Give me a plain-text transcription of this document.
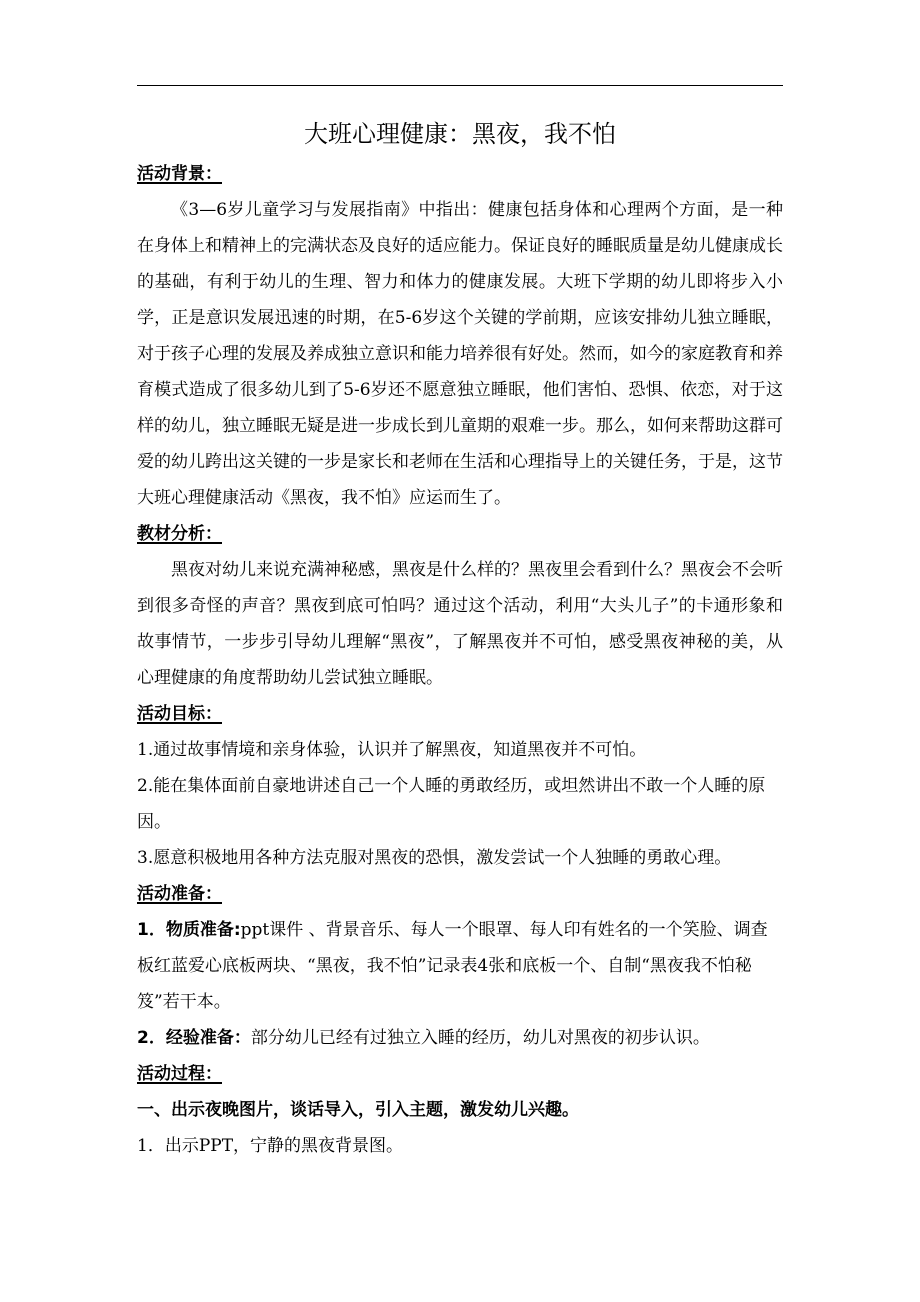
大班心理健康：黑夜，我不怕

活动背景：

《3—6岁儿童学习与发展指南》中指出：健康包括身体和心理两个方面，是一种在身体上和精神上的完满状态及良好的适应能力。保证良好的睡眠质量是幼儿健康成长的基础，有利于幼儿的生理、智力和体力的健康发展。大班下学期的幼儿即将步入小学，正是意识发展迅速的时期，在5-6岁这个关键的学前期，应该安排幼儿独立睡眠，对于孩子心理的发展及养成独立意识和能力培养很有好处。然而，如今的家庭教育和养育模式造成了很多幼儿到了5-6岁还不愿意独立睡眠，他们害怕、恐惧、依恋，对于这样的幼儿，独立睡眠无疑是进一步成长到儿童期的艰难一步。那么，如何来帮助这群可爱的幼儿跨出这关键的一步是家长和老师在生活和心理指导上的关键任务，于是，这节大班心理健康活动《黑夜，我不怕》应运而生了。

教材分析：

黑夜对幼儿来说充满神秘感，黑夜是什么样的？黑夜里会看到什么？黑夜会不会听到很多奇怪的声音？黑夜到底可怕吗？通过这个活动，利用“大头儿子”的卡通形象和故事情节，一步步引导幼儿理解“黑夜”，了解黑夜并不可怕，感受黑夜神秘的美，从心理健康的角度帮助幼儿尝试独立睡眠。

活动目标：

1.通过故事情境和亲身体验，认识并了解黑夜，知道黑夜并不可怕。

2.能在集体面前自豪地讲述自己一个人睡的勇敢经历，或坦然讲出不敢一个人睡的原因。

3.愿意积极地用各种方法克服对黑夜的恐惧，激发尝试一个人独睡的勇敢心理。

活动准备：

1．物质准备:ppt课件 、背景音乐、每人一个眼罩、每人印有姓名的一个笑脸、调查板红蓝爱心底板两块、“黑夜，我不怕”记录表4张和底板一个、自制“黑夜我不怕秘笈”若干本。

2．经验准备：部分幼儿已经有过独立入睡的经历，幼儿对黑夜的初步认识。

活动过程：

一、出示夜晚图片，谈话导入，引入主题，激发幼儿兴趣。

1．出示PPT，宁静的黑夜背景图。
